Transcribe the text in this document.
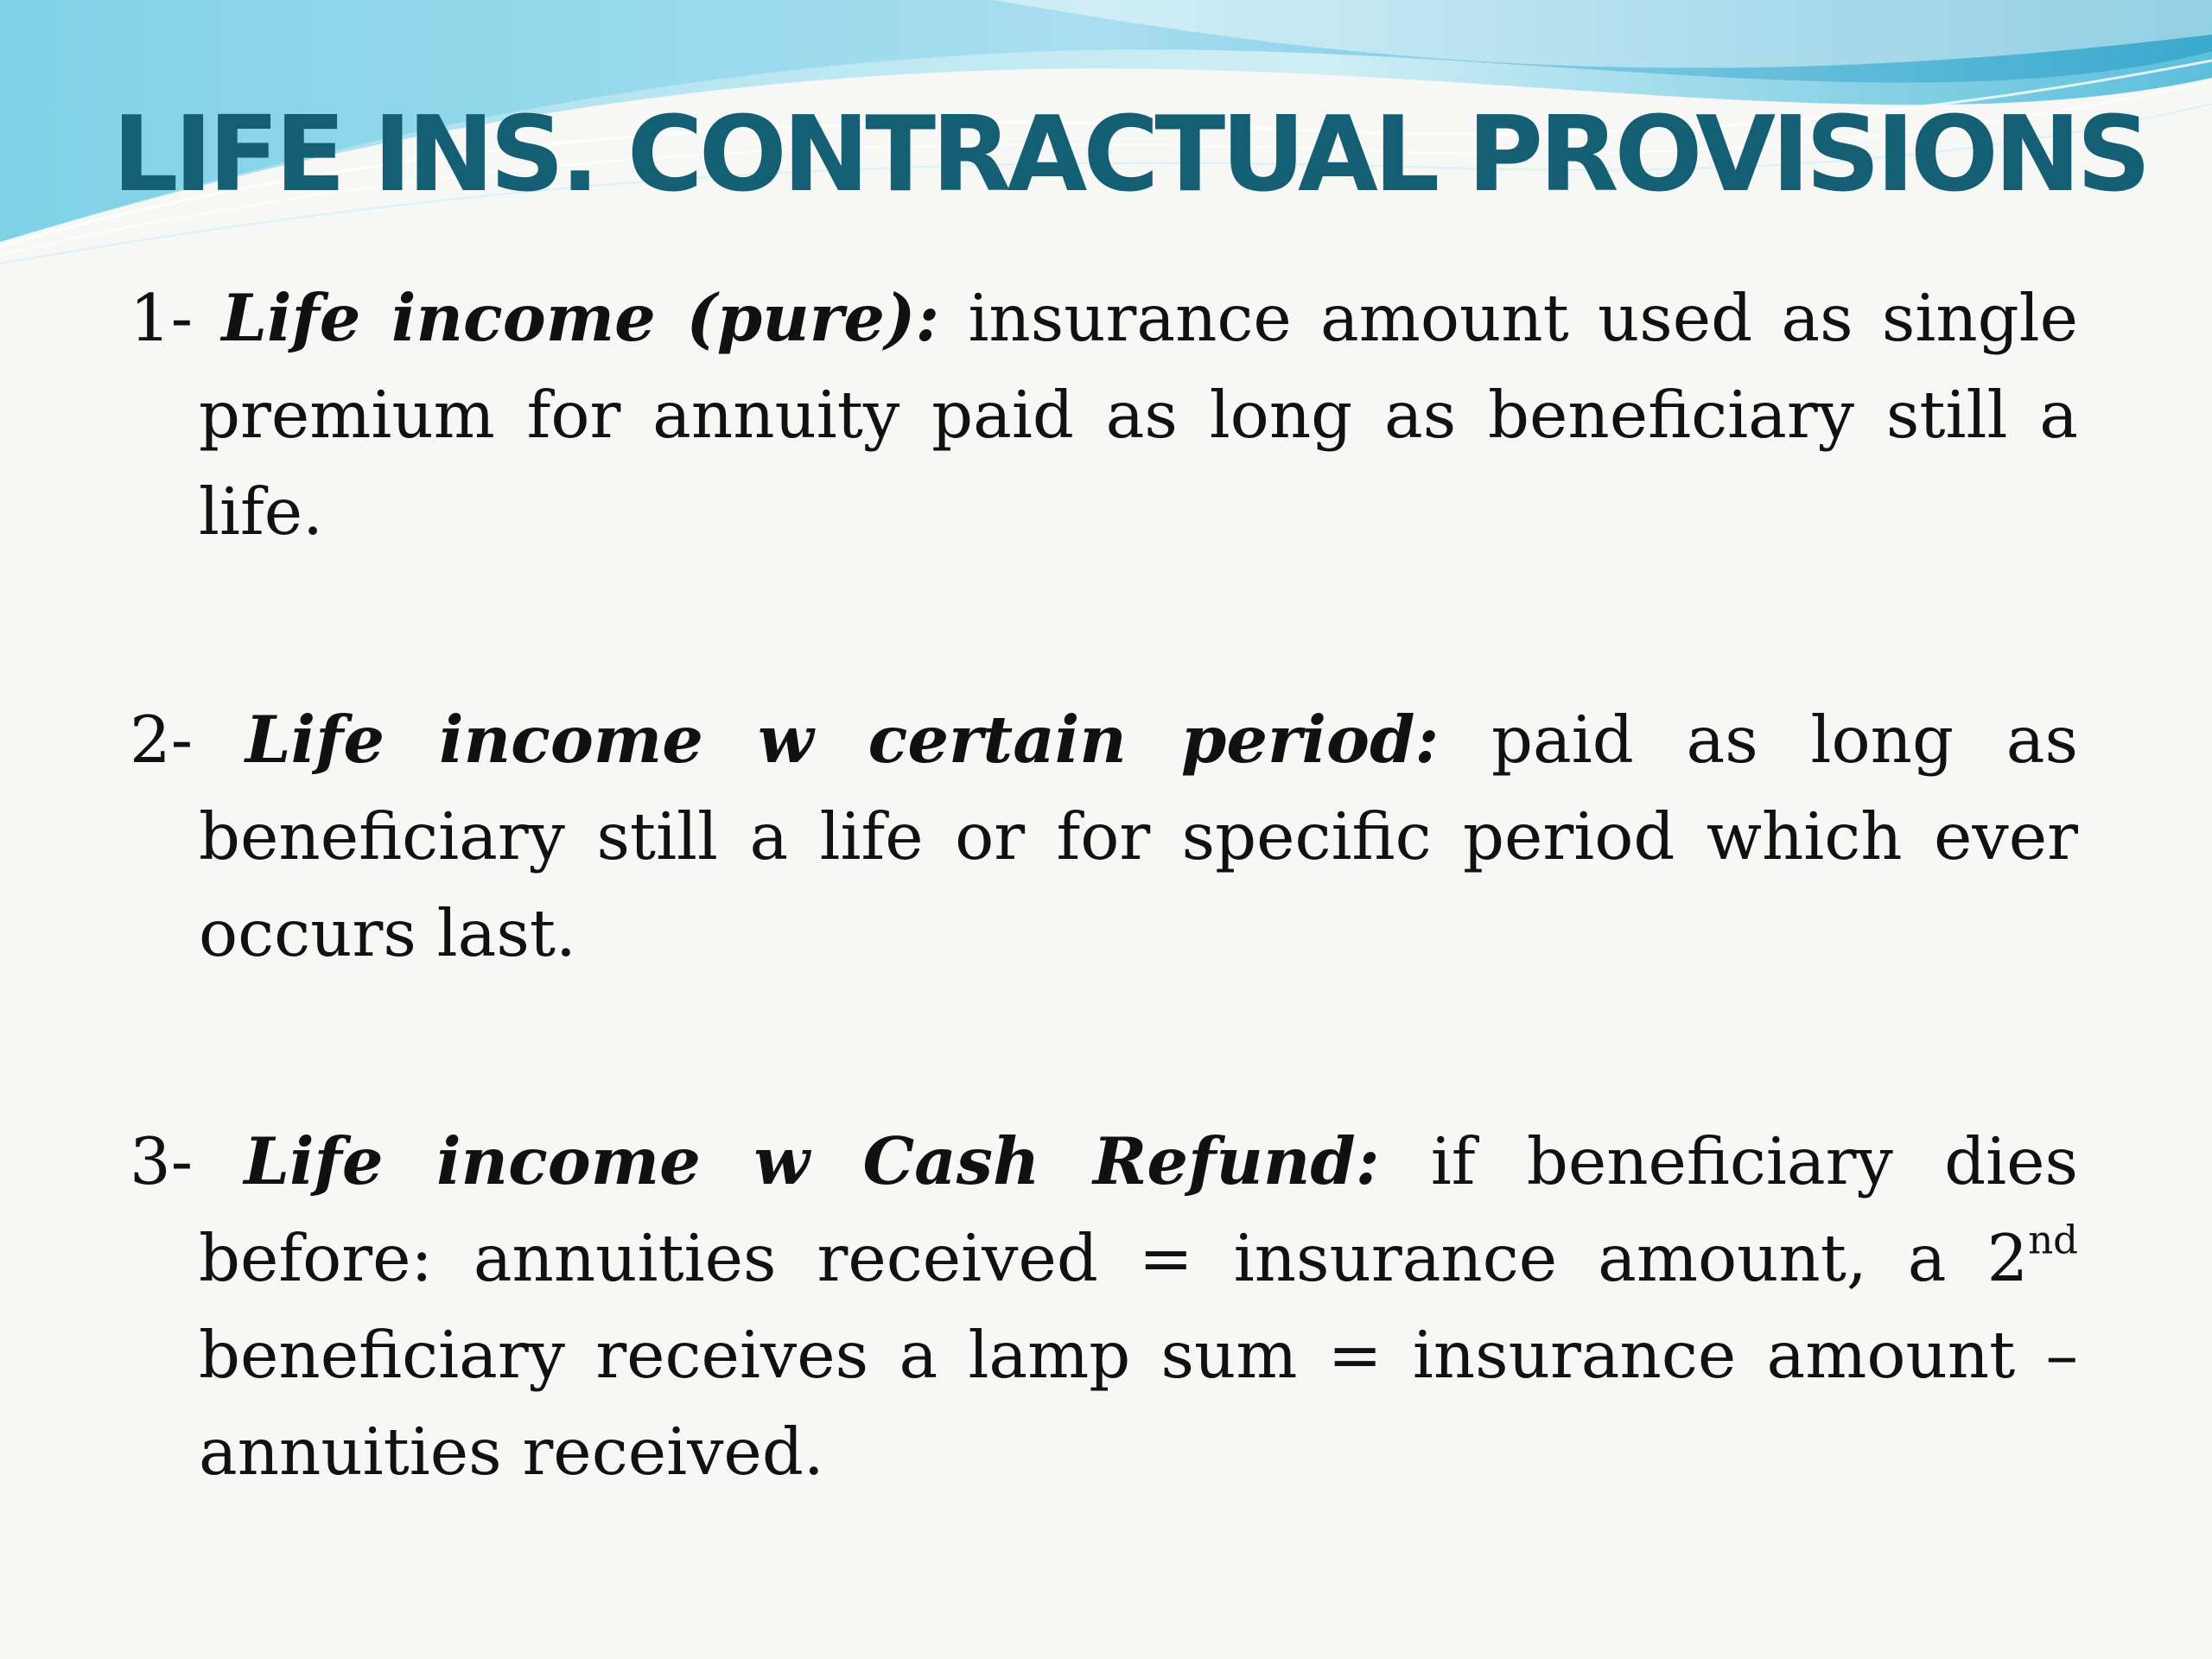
LIFE INS. CONTRACTUAL PROVISIONS

1- Life income (pure): insurance amount used as single premium for annuity paid as long as beneficiary still a life.

2- Life income w certain period: paid as long as beneficiary still a life or for specific period which ever occurs last.

3- Life income w Cash Refund: if beneficiary dies before: annuities received = insurance amount, a 2nd beneficiary receives a lamp sum = insurance amount – annuities received.
